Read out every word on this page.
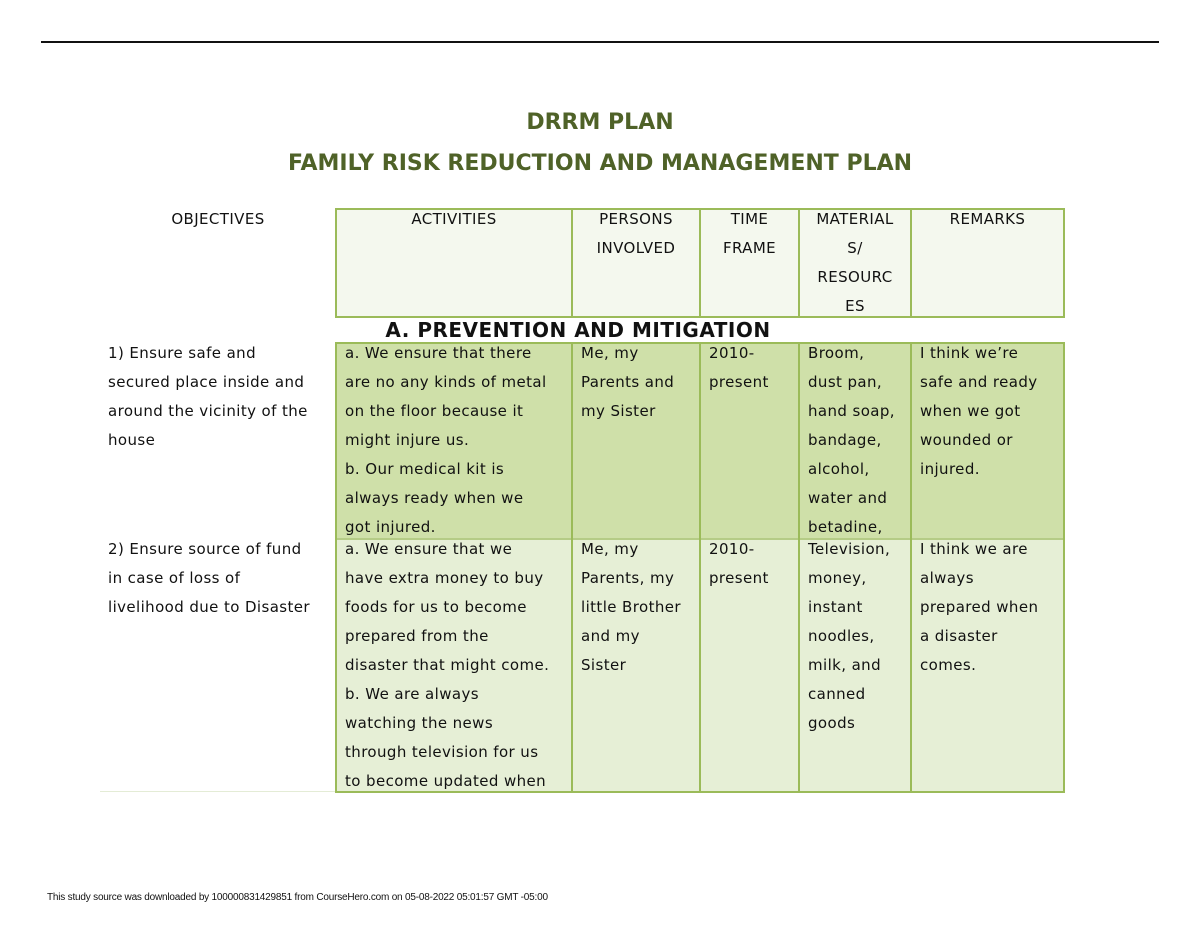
DRRM PLAN
FAMILY RISK REDUCTION AND MANAGEMENT PLAN
OBJECTIVES	ACTIVITIES	PERSONS
INVOLVED
TIME
FRAME
MATERIAL
S/
RESOURC
ES
REMARKS
A. PREVENTION AND MITIGATION
1) Ensure safe and
secured place inside and
around the vicinity of the
house
a. We ensure that there
are no any kinds of metal
on the floor because it
might injure us.
b. Our medical kit is
always ready when we
got injured.
Me, my
Parents and
my Sister
2010-
present
Broom,
dust pan,
hand soap,
bandage,
alcohol,
water and
betadine,
I think we’re
safe and ready
when we got
wounded or
injured.
2) Ensure source of fund
in case of loss of
livelihood due to Disaster
a. We ensure that we
have extra money to buy
foods for us to become
prepared from the
disaster that might come.
b. We are always
watching the news
through television for us
to become updated when
Me, my
Parents, my
little Brother
and my
Sister
2010-
present
Television,
money,
instant
noodles,
milk, and
canned
goods
I think we are
always
prepared when
a disaster
comes.
This study source was downloaded by 100000831429851 from CourseHero.com on 05-08-2022 05:01:57 GMT -05:00
